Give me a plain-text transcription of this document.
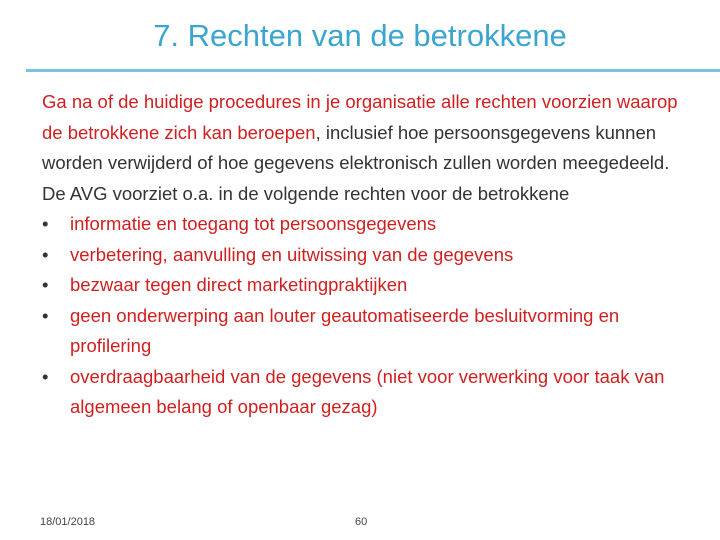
7. Rechten van de betrokkene

Ga na of de huidige procedures in je organisatie alle rechten voorzien waarop de betrokkene zich kan beroepen, inclusief hoe persoonsgegevens kunnen worden verwijderd of hoe gegevens elektronisch zullen worden meegedeeld. De AVG voorziet o.a. in de volgende rechten voor de betrokkene

• informatie en toegang tot persoonsgegevens
• verbetering, aanvulling en uitwissing van de gegevens
• bezwaar tegen direct marketingpraktijken
• geen onderwerping aan louter geautomatiseerde besluitvorming en profilering
• overdraagbaarheid van de gegevens (niet voor verwerking voor taak van algemeen belang of openbaar gezag)
18/01/2018	60
